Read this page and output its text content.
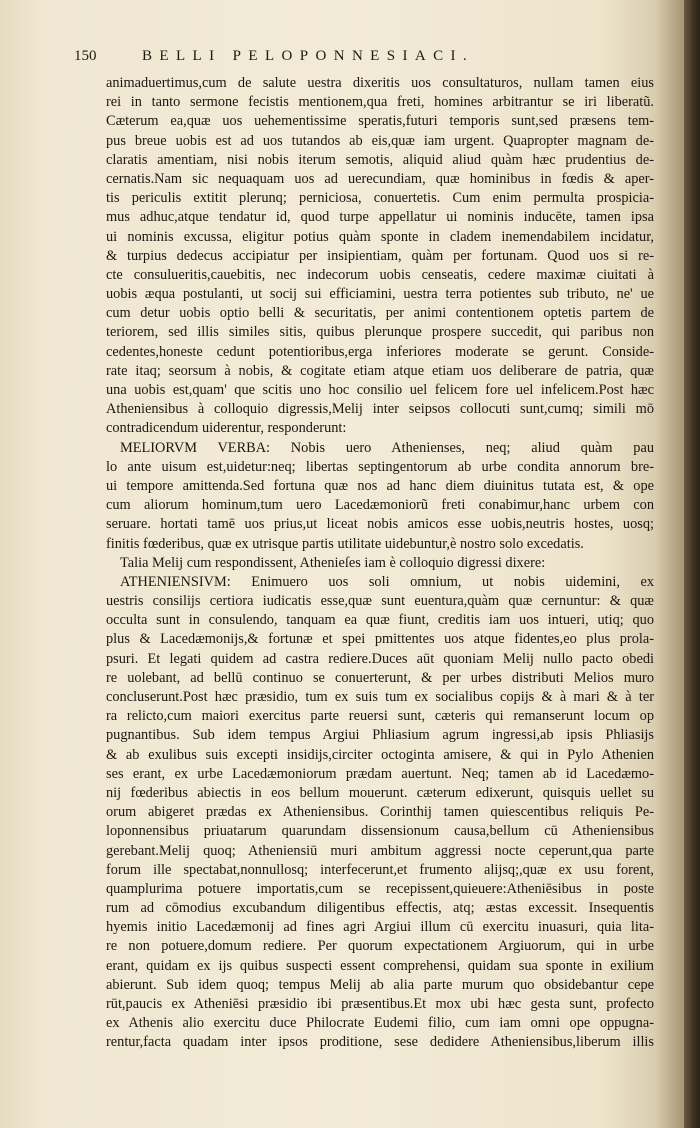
150	BELLI PELOPONNESIACI.
animaduertimus,cum de salute uestra dixeritis uos consultaturos, nullam tamen eius
rei in tanto sermone fecistis mentionem,qua freti, homines arbitrantur se iri liberatũ.
Cæterum ea,quæ uos uehementissime speratis,futuri temporis sunt,sed præsens tem-
pus breue uobis est ad uos tutandos ab eis,quæ iam urgent. Quapropter magnam de-
claratis amentiam, nisi nobis iterum semotis, aliquid aliud quàm hæc prudentius de-
cernatis.Nam sic nequaquam uos ad uerecundiam, quæ hominibus in fœdis & aper-
tis periculis extitit plerunq; perniciosa, conuertetis. Cum enim permulta prospicia-
mus adhuc,atque tendatur id, quod turpe appellatur ui nominis inducēte, tamen ipsa
ui nominis excussa, eligitur potius quàm sponte in cladem inemendabilem incidatur,
& turpius dedecus accipiatur per insipientiam, quàm per fortunam. Quod uos si re-
cte consulueritis,cauebitis, nec indecorum uobis censeatis, cedere maximæ ciuitati à
uobis æqua postulanti, ut socij sui efficiamini, uestra terra potientes sub tributo, ne' ue
cum detur uobis optio belli & securitatis, per animi contentionem optetis partem de
teriorem, sed illis similes sitis, quibus plerunque prospere succedit, qui paribus non
cedentes,honeste cedunt potentioribus,erga inferiores moderate se gerunt. Conside-
rate itaq; seorsum à nobis, & cogitate etiam atque etiam uos deliberare de patria, quæ
una uobis est,quam' que scitis uno hoc consilio uel felicem fore uel infelicem.Post hæc
Atheniensibus à colloquio digressis,Melij inter seipsos collocuti sunt,cumq; simili mō
contradicendum uiderentur, responderunt:
MELIORVM VERBA: Nobis uero Athenienses, neq; aliud quàm pau
lo ante uisum est,uidetur:neq; libertas septingentorum ab urbe condita annorum bre-
ui tempore amittenda.Sed fortuna quæ nos ad hanc diem diuinitus tutata est, & ope
cum aliorum hominum,tum uero Lacedæmoniorũ freti conabimur,hanc urbem con
seruare. hortati tamē uos prius,ut liceat nobis amicos esse uobis,neutris hostes, uosq;
finitis fœderibus, quæ ex utrisque partis utilitate uidebuntur,è nostro solo excedatis.
Talia Melij cum respondissent, Athenieſes iam è colloquio digressi dixere:
ATHENIENSIVM: Enimuero uos soli omnium, ut nobis uidemini, ex
uestris consilijs certiora iudicatis esse,quæ sunt euentura,quàm quæ cernuntur: & quæ
occulta sunt in consulendo, tanquam ea quæ fiunt, creditis iam uos intueri, utiq; quo
plus & Lacedæmonijs,& fortunæ et spei pmittentes uos atque fidentes,eo plus prola-
psuri. Et legati quidem ad castra rediere.Duces aūt quoniam Melij nullo pacto obedi
re uolebant, ad bellū continuo se conuerterunt, & per urbes distributi Melios muro
concluserunt.Post hæc præsidio, tum ex suis tum ex socialibus copijs & à mari & à ter
ra relicto,cum maiori exercitus parte reuersi sunt, cæteris qui remanserunt locum op
pugnantibus. Sub idem tempus Argiui Phliasium agrum ingressi,ab ipsis Phliasijs
& ab exulibus suis excepti insidijs,circiter octoginta amisere, & qui in Pylo Athenien
ses erant, ex urbe Lacedæmoniorum prædam auertunt. Neq; tamen ab id Lacedæmo-
nij fœderibus abiectis in eos bellum mouerunt. cæterum edixerunt, quisquis uellet su
orum abigeret prædas ex Atheniensibus. Corinthij tamen quiescentibus reliquis Pe-
loponnensibus priuatarum quarundam dissensionum causa,bellum cū Atheniensibus
gerebant.Melij quoq; Atheniensiū muri ambitum aggressi nocte ceperunt,qua parte
forum ille spectabat,nonnullosq; interfecerunt,et frumento alijsq;,quæ ex usu forent,
quamplurima potuere importatis,cum se recepissent,quieuere:Atheniēsibus in poste
rum ad cōmodius excubandum diligentibus effectis, atq; æstas excessit. Insequentis
hyemis initio Lacedæmonij ad fines agri Argiui illum cū exercitu inuasuri, quia lita-
re non potuere,domum rediere. Per quorum expectationem Argiuorum, qui in urbe
erant, quidam ex ijs quibus suspecti essent comprehensi, quidam sua sponte in exilium
abierunt. Sub idem quoq; tempus Melij ab alia parte murum quo obsidebantur cepe
rūt,paucis ex Atheniēsi præsidio ibi præsentibus.Et mox ubi hæc gesta sunt, profecto
ex Athenis alio exercitu duce Philocrate Eudemi filio, cum iam omni ope oppugna-
rentur,facta quadam inter ipsos proditione, sese dedidere Atheniensibus,liberum illis
